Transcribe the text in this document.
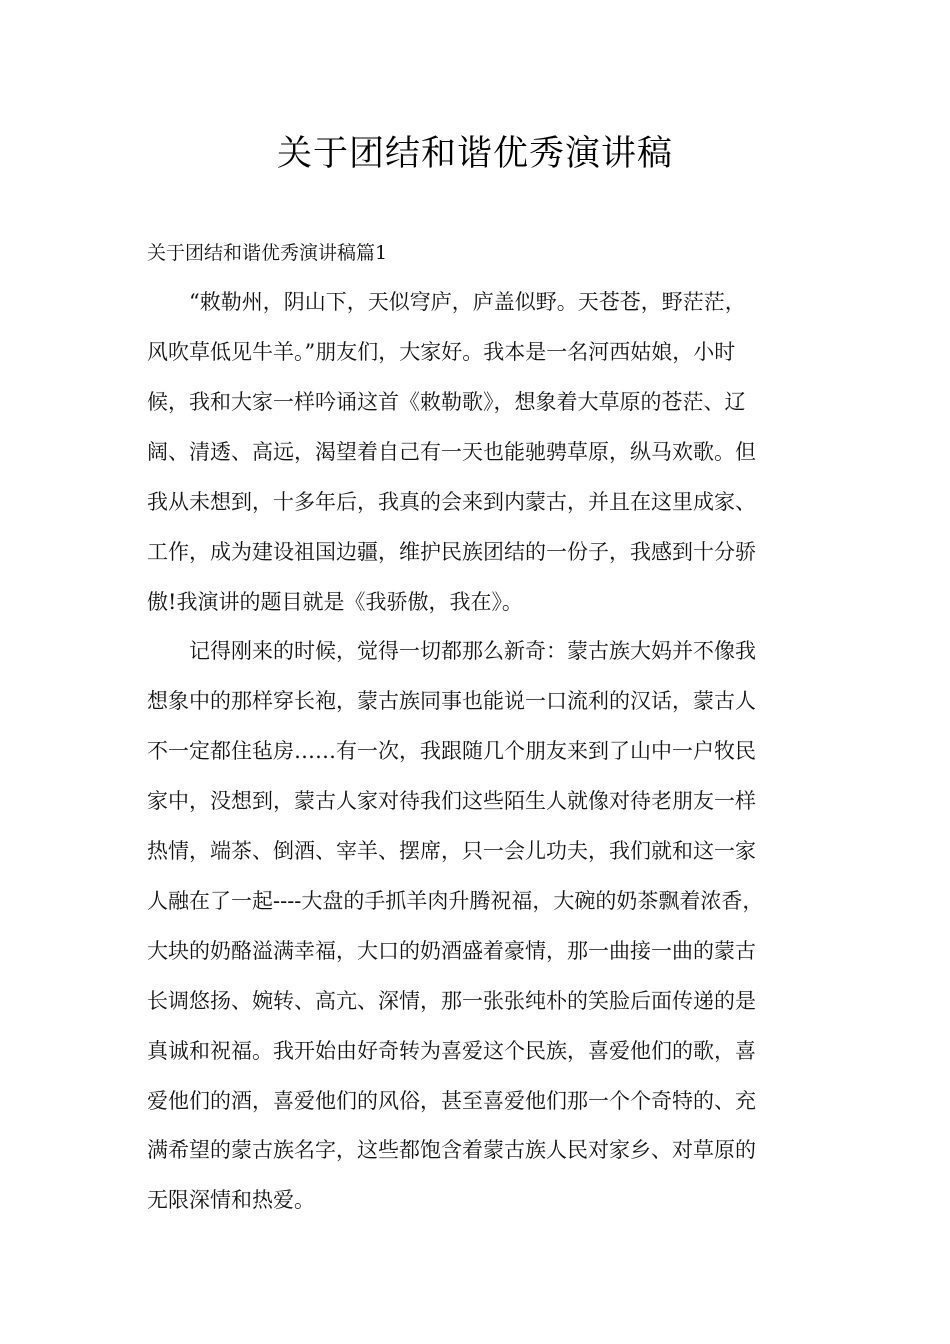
关于团结和谐优秀演讲稿
关于团结和谐优秀演讲稿篇1
“敕勒州，阴山下，天似穹庐，庐盖似野。天苍苍，野茫茫，
风吹草低见牛羊。”朋友们，大家好。我本是一名河西姑娘，小时
候，我和大家一样吟诵这首《敕勒歌》，想象着大草原的苍茫、辽
阔、清透、高远，渴望着自己有一天也能驰骋草原，纵马欢歌。但
我从未想到，十多年后，我真的会来到内蒙古，并且在这里成家、
工作，成为建设祖国边疆，维护民族团结的一份子，我感到十分骄
傲!我演讲的题目就是《我骄傲，我在》。
记得刚来的时候，觉得一切都那么新奇：蒙古族大妈并不像我
想象中的那样穿长袍，蒙古族同事也能说一口流利的汉话，蒙古人
不一定都住毡房……有一次，我跟随几个朋友来到了山中一户牧民
家中，没想到，蒙古人家对待我们这些陌生人就像对待老朋友一样
热情，端茶、倒酒、宰羊、摆席，只一会儿功夫，我们就和这一家
人融在了一起----大盘的手抓羊肉升腾祝福，大碗的奶茶飘着浓香，
大块的奶酪溢满幸福，大口的奶酒盛着豪情，那一曲接一曲的蒙古
长调悠扬、婉转、高亢、深情，那一张张纯朴的笑脸后面传递的是
真诚和祝福。我开始由好奇转为喜爱这个民族，喜爱他们的歌，喜
爱他们的酒，喜爱他们的风俗，甚至喜爱他们那一个个奇特的、充
满希望的蒙古族名字，这些都饱含着蒙古族人民对家乡、对草原的
无限深情和热爱。
